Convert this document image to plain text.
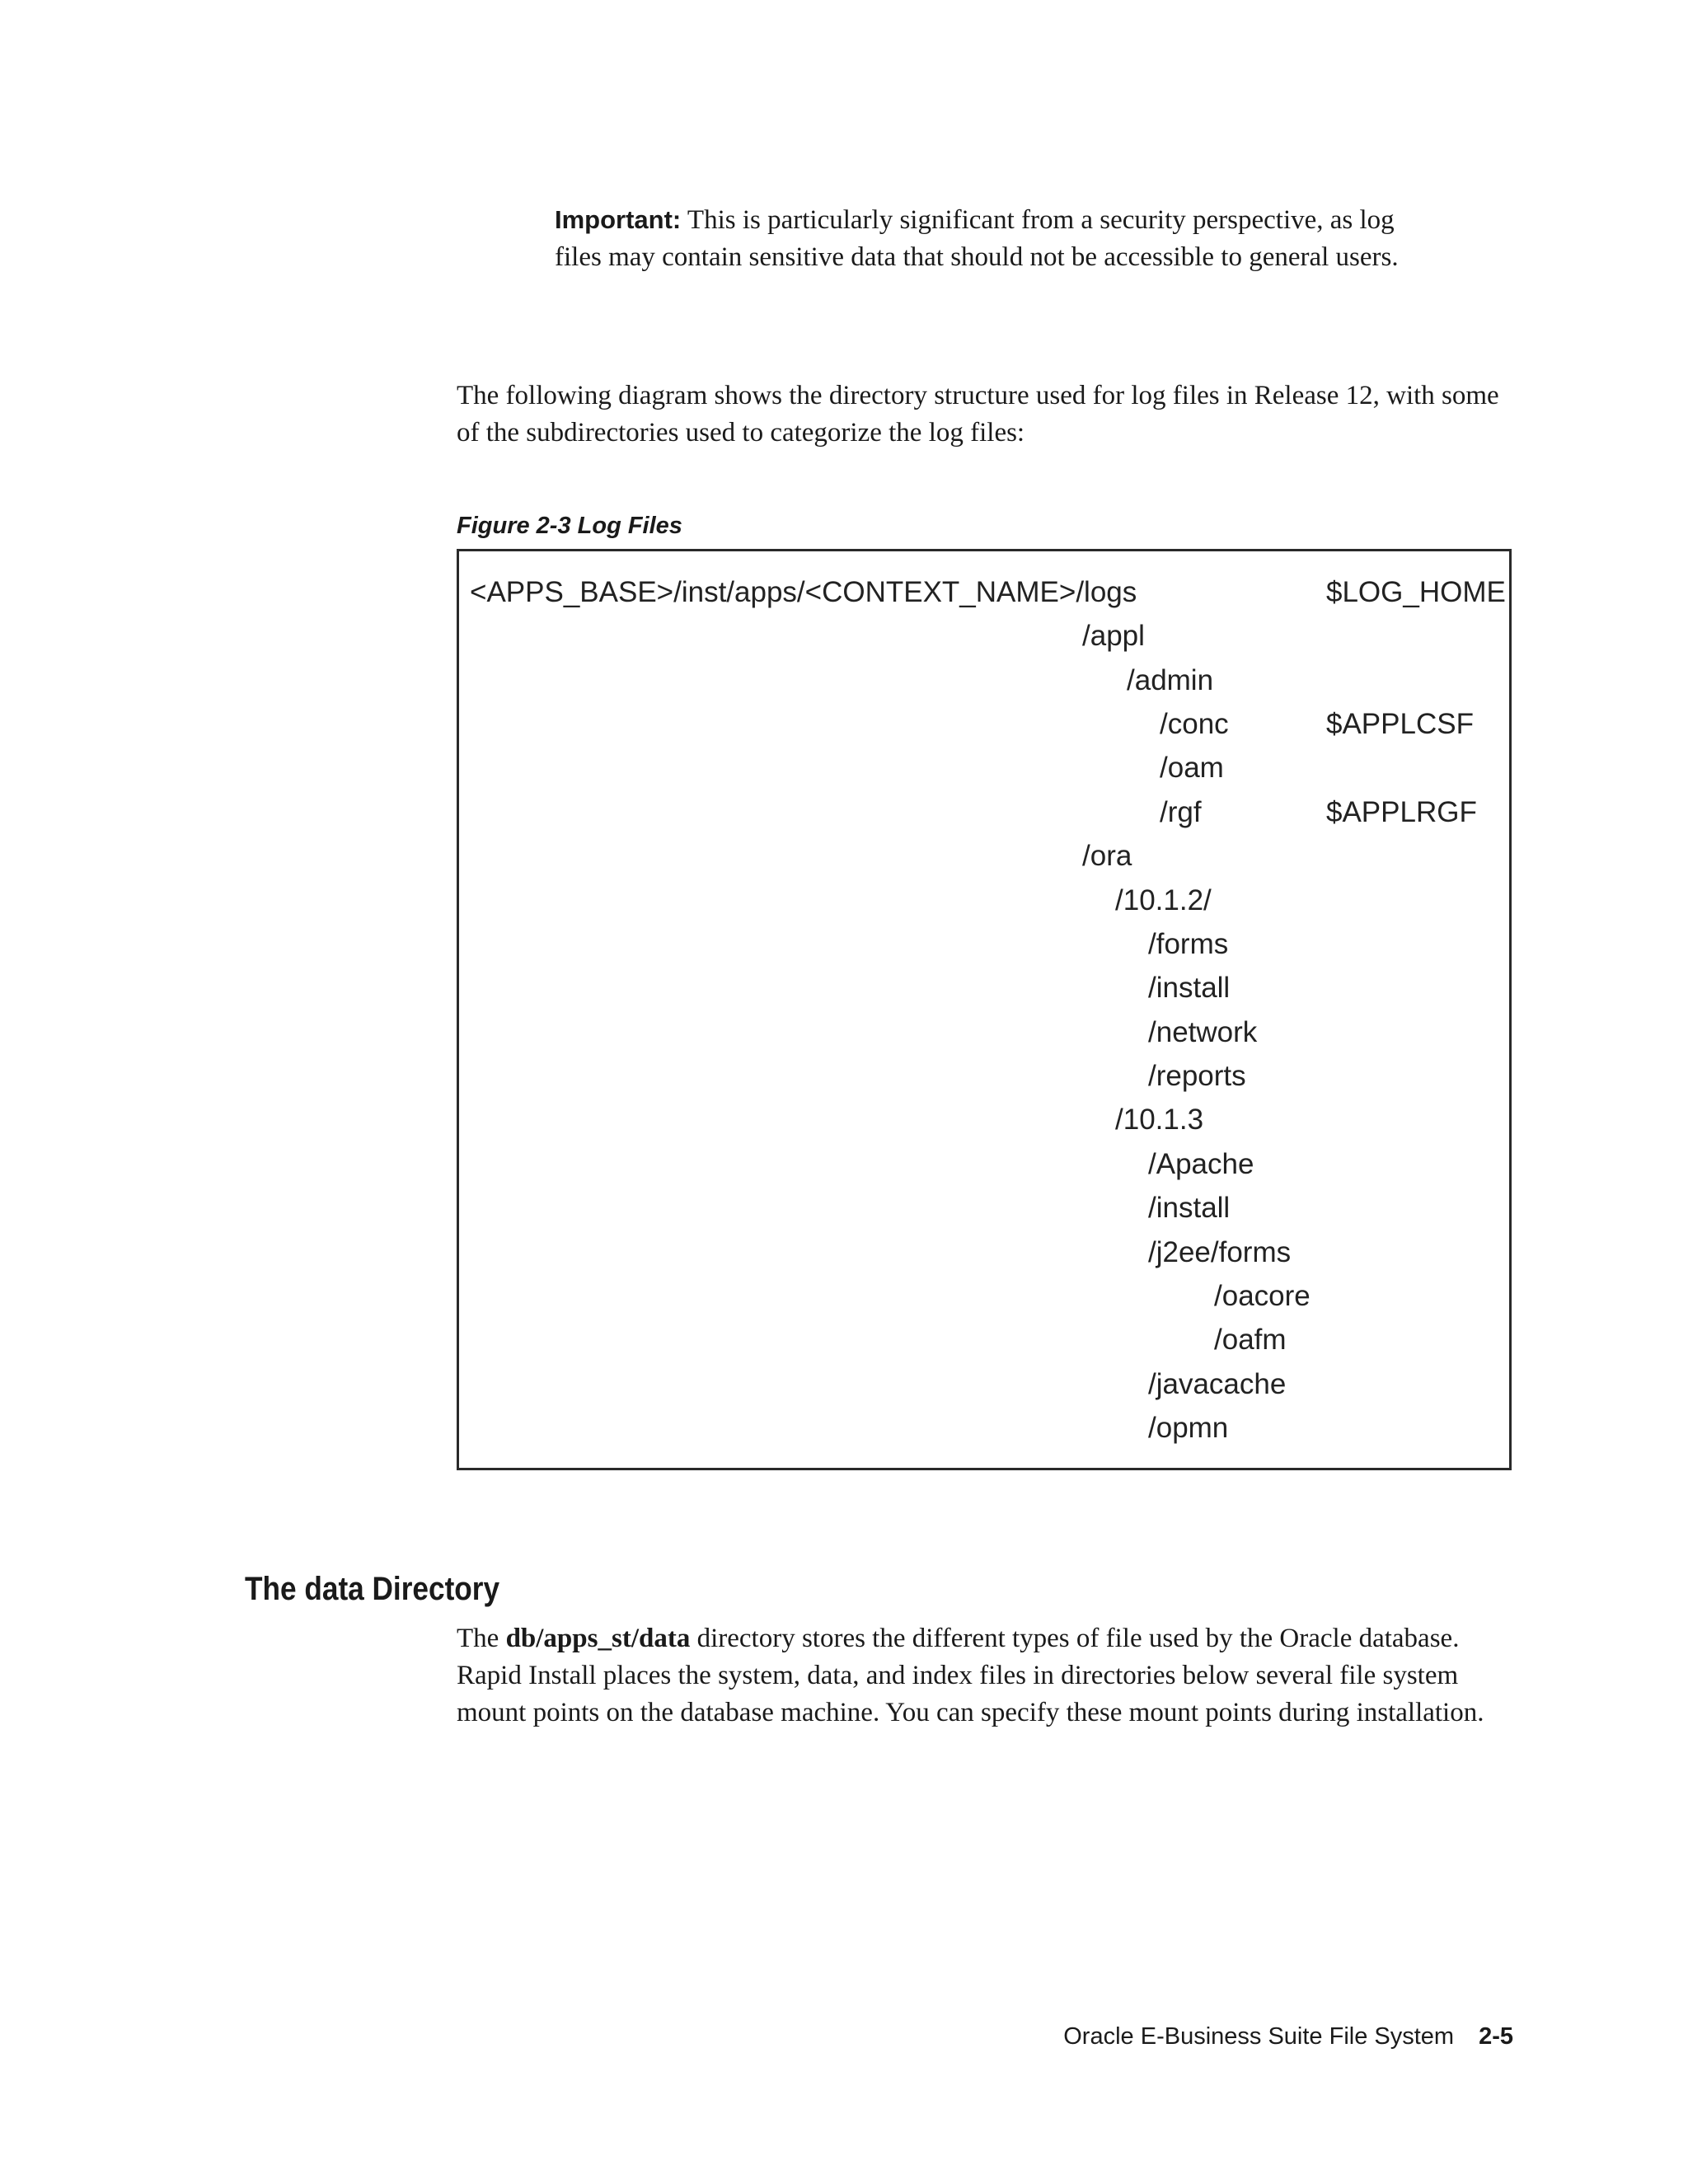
Important: This is particularly significant from a security perspective, as log files may contain sensitive data that should not be accessible to general users.
The following diagram shows the directory structure used for log files in Release 12, with some of the subdirectories used to categorize the log files:
Figure 2-3 Log Files
<APPS_BASE>/inst/apps/<CONTEXT_NAME>/logs	$LOG_HOME
/appl
/admin
/conc	$APPLCSF
/oam
/rgf	$APPLRGF
/ora
/10.1.2/
/forms
/install
/network
/reports
/10.1.3
/Apache
/install
/j2ee/forms
/oacore
/oafm
/javacache
/opmn
The data Directory
The db/apps_st/data directory stores the different types of file used by the Oracle database. Rapid Install places the system, data, and index files in directories below several file system mount points on the database machine. You can specify these mount points during installation.
Oracle E-Business Suite File System 2-5
